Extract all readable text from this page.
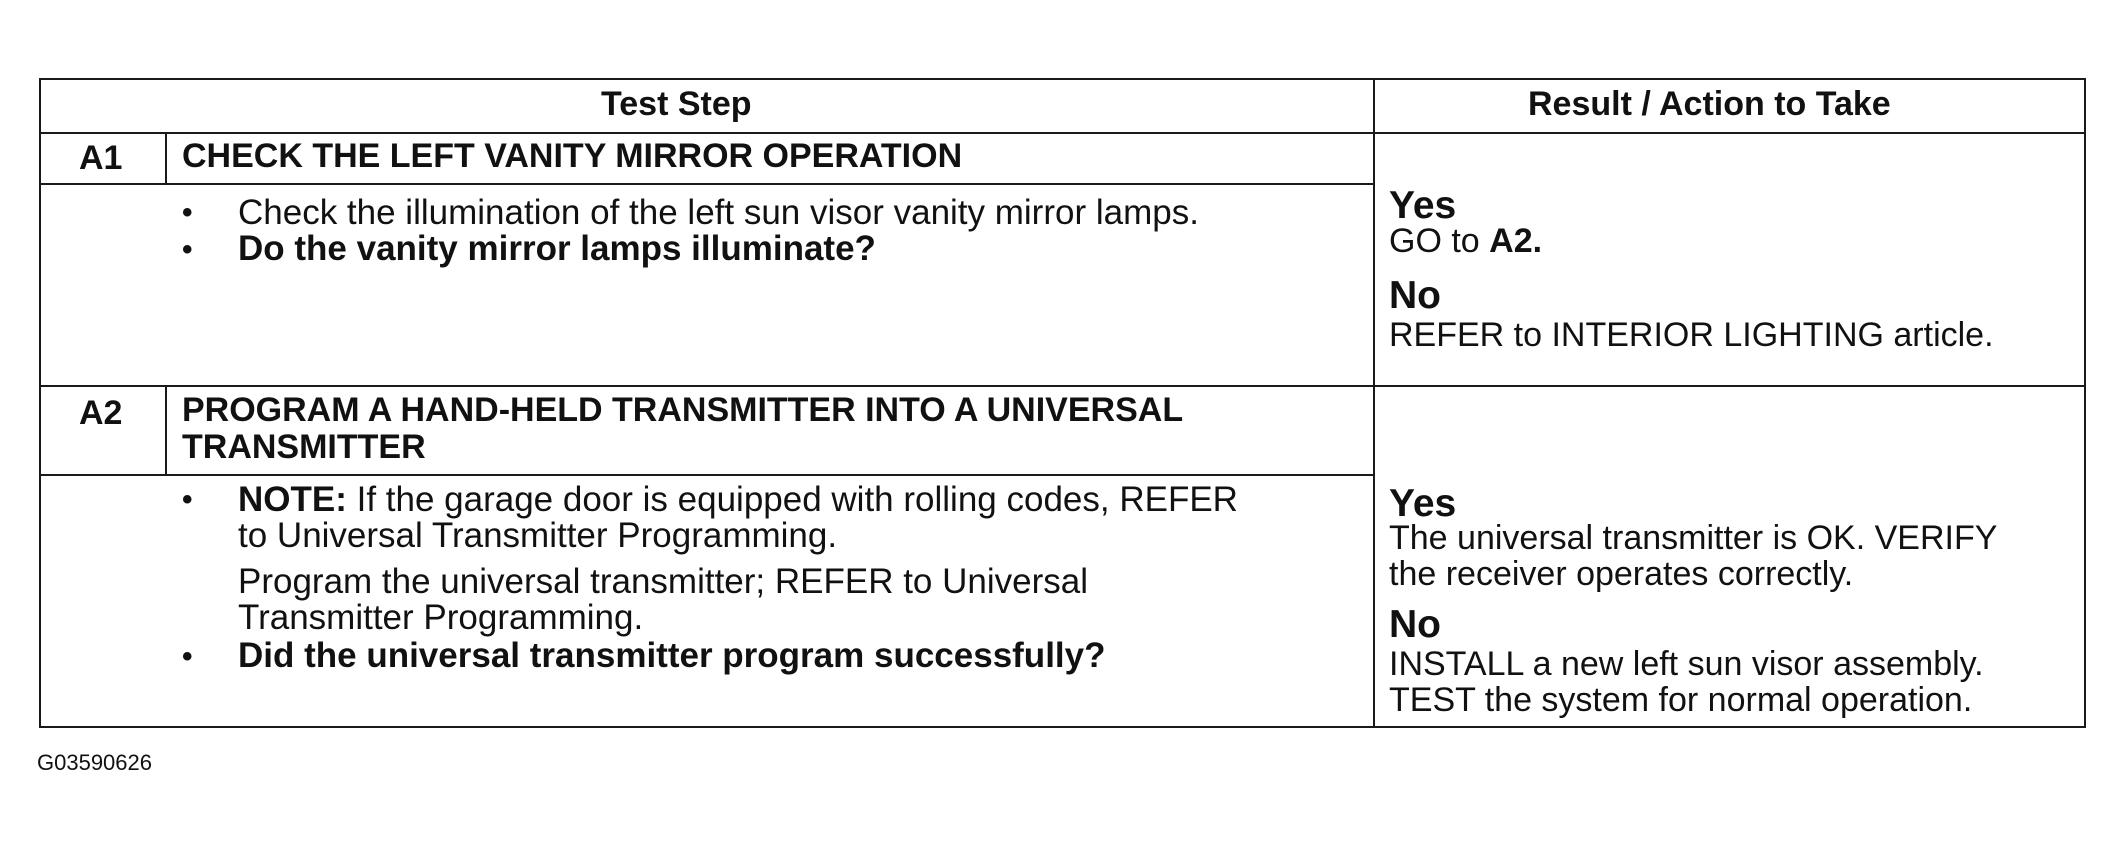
Test Step	Result / Action to Take
A1 CHECK THE LEFT VANITY MIRROR OPERATION
• Check the illumination of the left sun visor vanity mirror lamps.
• Do the vanity mirror lamps illuminate?
Yes
GO to A2.
No
REFER to INTERIOR LIGHTING article.
A2 PROGRAM A HAND-HELD TRANSMITTER INTO A UNIVERSAL
TRANSMITTER
• NOTE: If the garage door is equipped with rolling codes, REFER
to Universal Transmitter Programming.
Program the universal transmitter; REFER to Universal
Transmitter Programming.
• Did the universal transmitter program successfully?
Yes
The universal transmitter is OK. VERIFY
the receiver operates correctly.
No
INSTALL a new left sun visor assembly.
TEST the system for normal operation.
G03590626
